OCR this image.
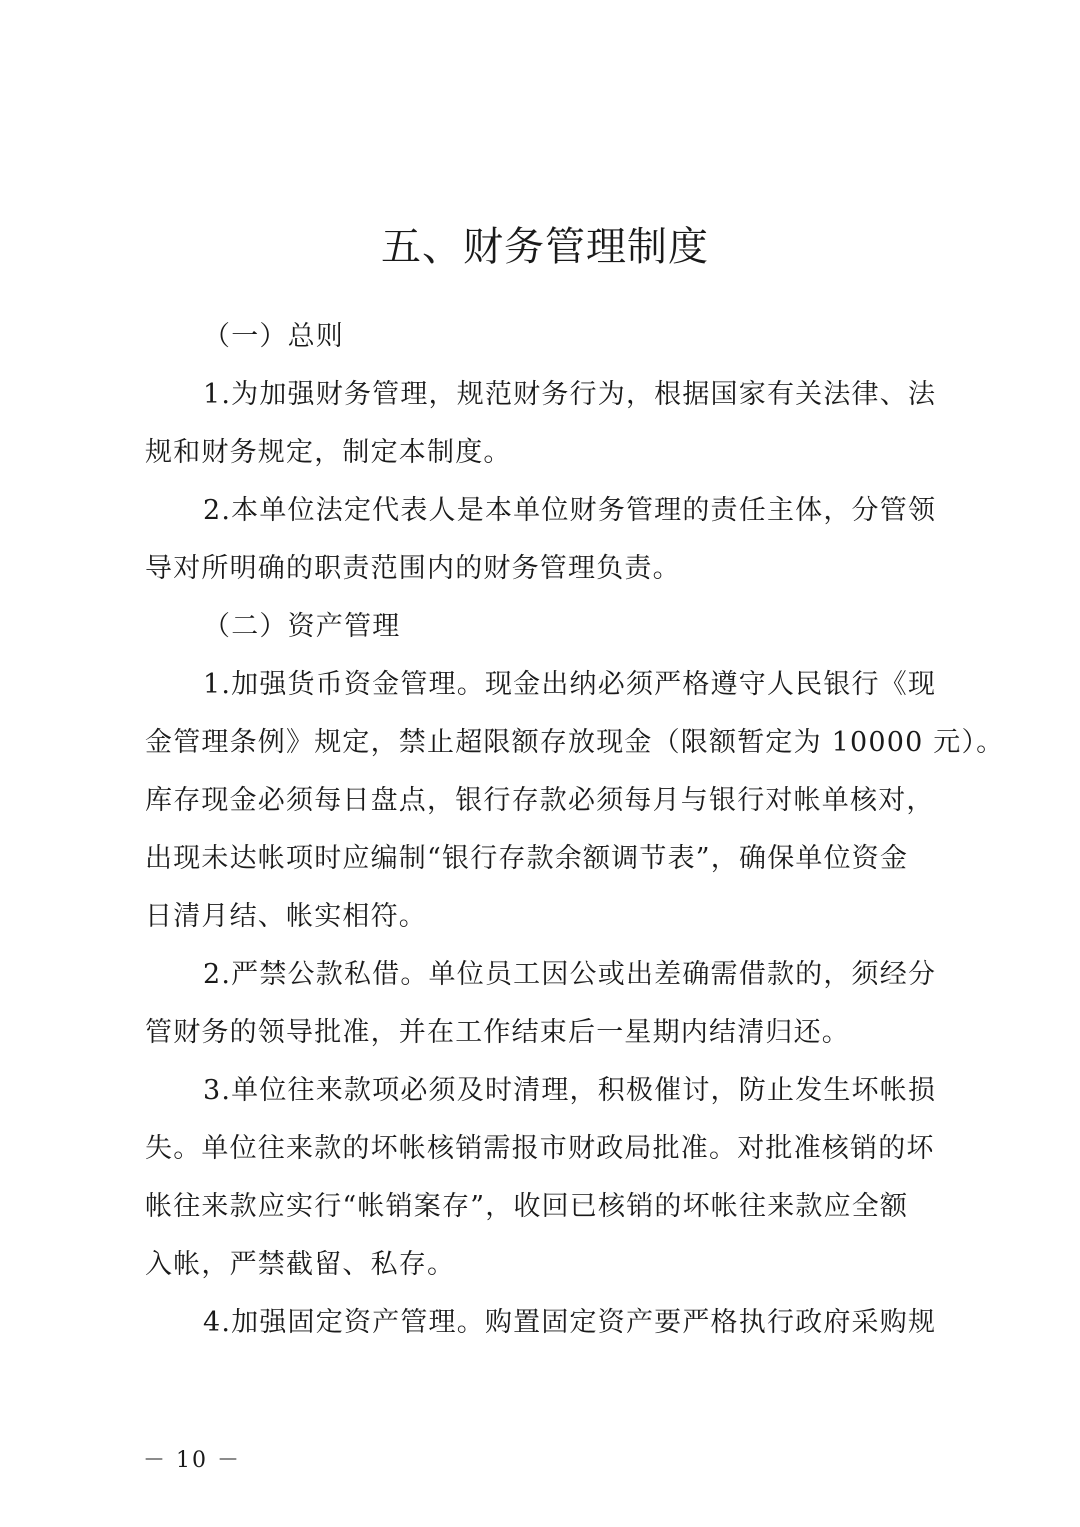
五、财务管理制度
（一）总则
1.为加强财务管理，规范财务行为，根据国家有关法律、法
规和财务规定，制定本制度。
2.本单位法定代表人是本单位财务管理的责任主体，分管领
导对所明确的职责范围内的财务管理负责。
（二）资产管理
1.加强货币资金管理。现金出纳必须严格遵守人民银行《现
金管理条例》规定，禁止超限额存放现金（限额暂定为 10000 元）。
库存现金必须每日盘点，银行存款必须每月与银行对帐单核对，
出现未达帐项时应编制“银行存款余额调节表”，确保单位资金
日清月结、帐实相符。
2.严禁公款私借。单位员工因公或出差确需借款的，须经分
管财务的领导批准，并在工作结束后一星期内结清归还。
3.单位往来款项必须及时清理，积极催讨，防止发生坏帐损
失。单位往来款的坏帐核销需报市财政局批准。对批准核销的坏
帐往来款应实行“帐销案存”，收回已核销的坏帐往来款应全额
入帐，严禁截留、私存。
4.加强固定资产管理。购置固定资产要严格执行政府采购规
－ 10 －
